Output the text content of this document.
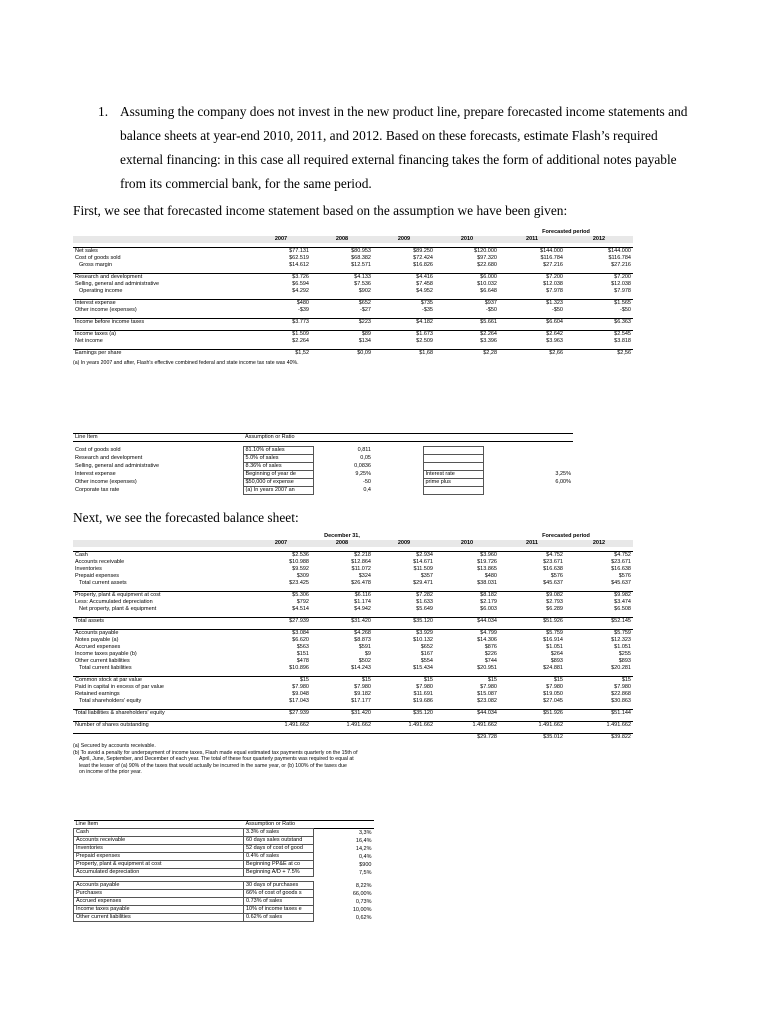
1. Assuming the company does not invest in the new product line, prepare forecasted income statements and balance sheets at year-end 2010, 2011, and 2012. Based on these forecasts, estimate Flash’s required external financing: in this case all required external financing takes the form of additional notes payable from its commercial bank, for the same period.
First, we see that forecasted income statement based on the assumption we have been given:
					Forecasted period	
	2007	2008	2009	2010	2011	2012

Net sales	$77.131	$80.953	$89.250	$120.000	$144.000	$144.000
Cost of goods sold	$62.519	$68.382	$72.424	$97.320	$116.784	$116.784
Gross margin	$14.612	$12.571	$16.826	$22.680	$27.216	$27.216

Research and development	$3.726	$4.133	$4.416	$6.000	$7.200	$7.200
Selling, general and administrative	$6.594	$7.536	$7.458	$10.032	$12.038	$12.038
Operating income	$4.292	$902	$4.952	$6.648	$7.978	$7.978

Interest expense	$480	$652	$735	$937	$1.323	$1.565
Other income (expenses)	-$39	-$27	-$35	-$50	-$50	-$50

Income before income taxes	$3.773	$223	$4.182	$5.661	$6.604	$6.363

Income taxes (a)	$1.509	$89	$1.673	$2.264	$2.642	$2.545
Net income	$2.264	$134	$2.509	$3.396	$3.963	$3.818

Earnings per share	$1,52	$0,09	$1,68	$2,28	$2,66	$2,56
(a) In years 2007 and after, Flash's effective combined federal and state income tax rate was 40%.
Line Item	Assumption or Ratio					

Cost of goods sold	81.10% of sales	0,811				
Research and development	5.0% of sales	0,05				
Selling, general and administrative	8.36% of sales	0,0836				
Interest expense	Beginning of year de	9,25%		Interest rate		3,25%
Other income (expenses)	$50,000 of expense	-50		prime plus		6,00%
Corporate tax rate	(a) In years 2007 an	0,4				
Next, we see the forecasted balance sheet:
		December 31,			Forecasted period	
	2007	2008	2009	2010	2011	2012

Cash	$2.536	$2.218	$2.934	$3.960	$4.752	$4.752
Accounts receivable	$10.988	$12.864	$14.671	$19.726	$23.671	$23.671
Inventories	$9.592	$11.072	$11.509	$13.865	$16.638	$16.638
Prepaid expenses	$309	$324	$357	$480	$576	$576
Total current assets	$23.425	$26.478	$29.471	$38.031	$45.637	$45.637

Property, plant & equipment at cost	$5.306	$6.116	$7.282	$8.182	$9.082	$9.982
Less: Accumulated depreciation	$792	$1.174	$1.633	$2.179	$2.793	$3.474
Net property, plant & equipment	$4.514	$4.942	$5.649	$6.003	$6.289	$6.508

Total assets	$27.939	$31.420	$35.120	$44.034	$51.926	$52.145

Accounts payable	$3.084	$4.268	$3.929	$4.799	$5.759	$5.759
Notes payable (a)	$6.620	$8.873	$10.132	$14.306	$16.914	$12.323
Accrued expenses	$563	$591	$652	$876	$1.051	$1.051
Income taxes payable (b)	$151	$9	$167	$226	$264	$255
Other current liabilities	$478	$502	$554	$744	$893	$893
Total current liabilities	$10.896	$14.243	$15.434	$20.951	$24.881	$20.281

Common stock at par value	$15	$15	$15	$15	$15	$15
Paid in capital in excess of par value	$7.980	$7.980	$7.980	$7.980	$7.980	$7.980
Retained earnings	$9.048	$9.182	$11.691	$15.087	$19.050	$22.868
Total shareholders' equity	$17.043	$17.177	$19.686	$23.082	$27.045	$30.863

Total liabilities & shareholders' equity	$27.939	$31.420	$35.120	$44.034	$51.926	$51.144

Number of shares outstanding	1.491.662	1.491.662	1.491.662	1.491.662	1.491.662	1.491.662

				$29.728	$35.012	$39.822
(a) Secured by accounts receivable.
(b) To avoid a penalty for underpayment of income taxes, Flash made equal estimated tax payments quarterly on the 15th of
April, June, September, and December of each year. The total of these four quarterly payments was required to equal at
least the lesser of (a) 90% of the taxes that would actually be incurred in the same year, or (b) 100% of the taxes due
on income of the prior year.
Line Item	Assumption or Ratio	
Cash	3.3% of sales	3,3%
Accounts receivable	60 days sales outstand	16,4%
Inventories	52 days of cost of good	14,2%
Prepaid expenses	0.4% of sales	0,4%
Property, plant & equipment at cost	Beginning PP&E at co	$900
Accumulated depreciation	Beginning A/D + 7.5%	7,5%

Accounts payable	30 days of purchases	8,22%
Purchases	66% of cost of goods s	66,00%
Accrued expenses	0.73% of sales	0,73%
Income taxes payable	10% of income taxes e	10,00%
Other current liabilities	0.62% of sales	0,62%
